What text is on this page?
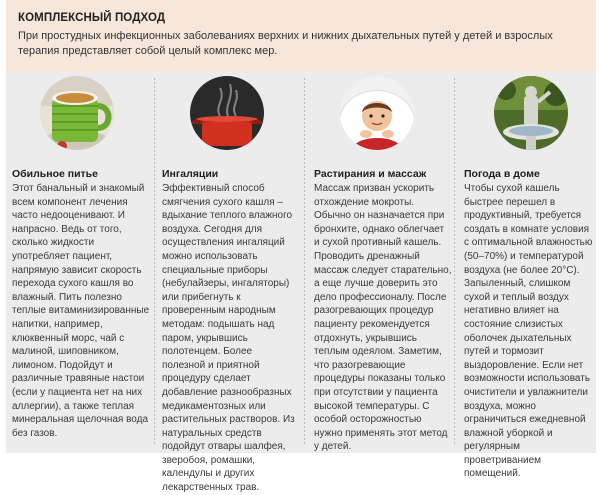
КОМПЛЕКСНЫЙ ПОДХОД
При простудных инфекционных заболеваниях верхних и нижних дыхательных путей у детей и взрослых терапия представляет собой целый комплекс мер.
Обильное питье
Этот банальный и знакомый всем компонент лечения часто недооценивают. И напрасно. Ведь от того, сколько жидкости употребляет пациент, напрямую зависит скорость перехода сухого кашля во влажный. Пить полезно теплые витаминизированные напитки, например, клюквенный морс, чай с малиной, шиповником, лимоном. Подойдут и различные травяные настои (если у пациента нет на них аллергии), а также теплая минеральная щелочная вода без газов.
Ингаляции
Эффективный способ смягчения сухого кашля – вдыхание теплого влажного воздуха. Сегодня для осуществления ингаляций можно использовать специальные приборы (небулайзеры, ингаляторы) или прибегнуть к проверенным народным методам: подышать над паром, укрывшись полотенцем. Более полезной и приятной процедуру сделает добавление разнообразных медикаментозных или растительных растворов. Из натуральных средств подойдут отвары шалфея, зверобоя, ромашки, календулы и других лекарственных трав.
Растирания и массаж
Массаж призван ускорить отхождение мокроты. Обычно он назначается при бронхите, однако облегчает и сухой противный кашель. Проводить дренажный массаж следует старательно, а еще лучше доверить это дело профессионалу. После разогревающих процедур пациенту рекомендуется отдохнуть, укрывшись теплым одеялом. Заметим, что разогревающие процедуры показаны только при отсутствии у пациента высокой температуры. С особой осторожностью нужно применять этот метод у детей.
Погода в доме
Чтобы сухой кашель быстрее перешел в продуктивный, требуется создать в комнате условия с оптимальной влажностью (50–70%) и температурой воздуха (не более 20°С). Запыленный, слишком сухой и теплый воздух негативно влияет на состояние слизистых оболочек дыхательных путей и тормозит выздоровление. Если нет возможности использовать очистители и увлажнители воздуха, можно ограничиться ежедневной влажной уборкой и регулярным проветриванием помещений.
